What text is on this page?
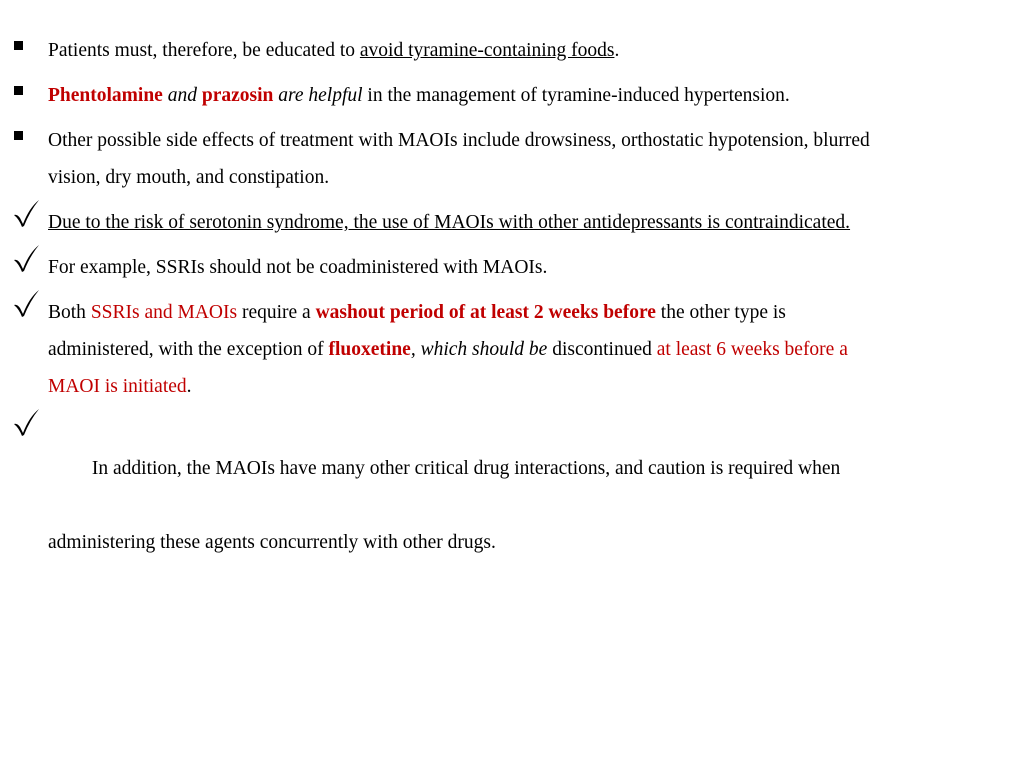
Patients must, therefore, be educated to avoid tyramine-containing foods.
Phentolamine and prazosin are helpful in the management of tyramine-induced hypertension.
Other possible side effects of treatment with MAOIs include drowsiness, orthostatic hypotension, blurred
vision, dry mouth, and constipation.
Due to the risk of serotonin syndrome, the use of MAOIs with other antidepressants is contraindicated.
For example, SSRIs should not be coadministered with MAOIs.
Both SSRIs and MAOIs require a washout period of at least 2 weeks before the other type is
administered, with the exception of fluoxetine, which should be discontinued at least 6 weeks before a
MAOI is initiated.

In addition, the MAOIs have many other critical drug interactions, and caution is required when

administering these agents concurrently with other drugs.
